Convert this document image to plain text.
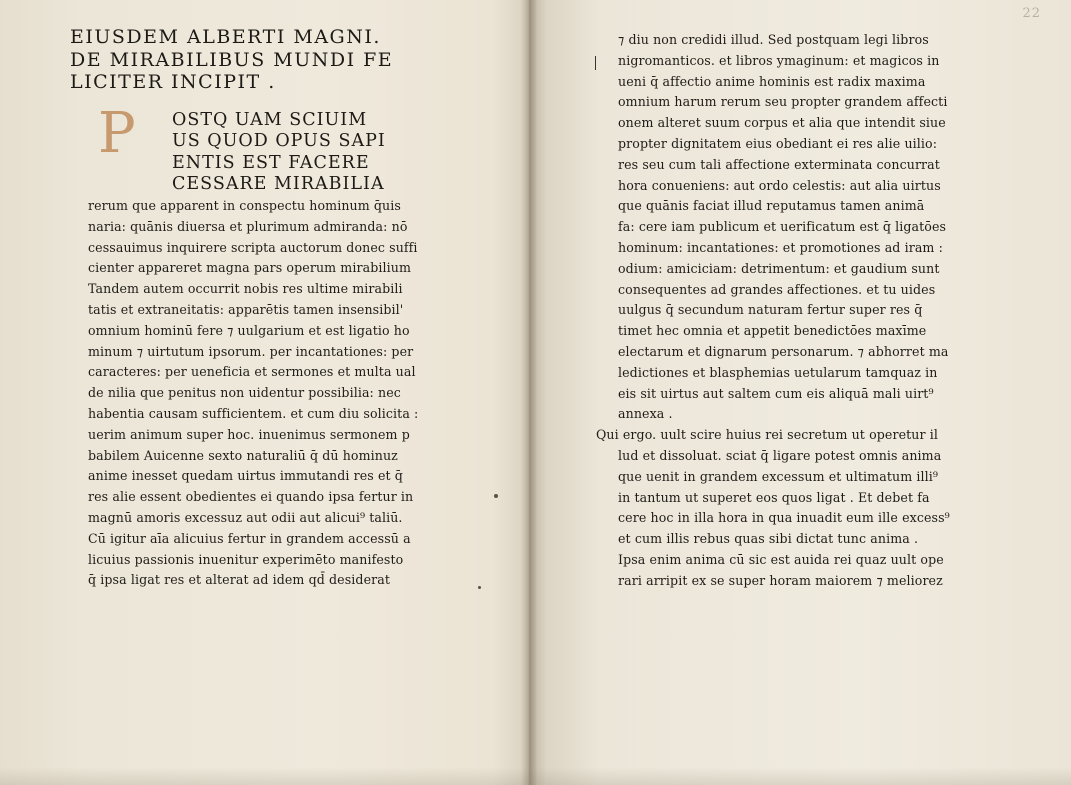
EIUSDEM ALBERTI MAGNI.
DE MIRABILIBUS MUNDI FE
LICITER INCIPIT .
P OSTQ UAM SCIUIM
US QUOD OPUS SAPI
ENTIS EST FACERE
CESSARE MIRABILIA
rerum que apparent in conspectu hominum q̄uis
naria: quānis diuersa et plurimum admiranda: nō
cessauimus inquirere scripta auctorum donec suffi
cienter appareret magna pars operum mirabilium
Tandem autem occurrit nobis res ultime mirabili
tatis et extraneitatis: apparētis tamen insensibil'
omnium hominū fere ⁊ uulgarium et est ligatio ho
minum ⁊ uirtutum ipsorum. per incantationes: per
caracteres: per ueneficia et sermones et multa ual
de nilia que penitus non uidentur possibilia: nec
habentia causam sufficientem. et cum diu solicita :
uerim animum super hoc. inuenimus sermonem p
babilem Auicenne sexto naturaliū q̄ dū hominuz
anime inesset quedam uirtus immutandi res et q̄
res alie essent obedientes ei quando ipsa fertur in
magnū amoris excessuz aut odii aut alicui⁹ taliū.
Cū igitur aīa alicuius fertur in grandem accessū a
licuius passionis inuenitur experimēto manifesto
q̄ ipsa ligat res et alterat ad idem qd̄ desiderat
22
⁊ diu non credidi illud. Sed postquam legi libros
nigromanticos. et libros ymaginum: et magicos in
ueni q̄ affectio anime hominis est radix maxima
omnium harum rerum seu propter grandem affecti
onem alteret suum corpus et alia que intendit siue
propter dignitatem eius obediant ei res alie uilio:
res seu cum tali affectione exterminata concurrat
hora conueniens: aut ordo celestis: aut alia uirtus
que quānis faciat illud reputamus tamen animā
fa: cere iam publicum et uerificatum est q̄ ligatōes
hominum: incantationes: et promotiones ad iram :
odium: amiciciam: detrimentum: et gaudium sunt
consequentes ad grandes affectiones. et tu uides
uulgus q̄ secundum naturam fertur super res q̄
timet hec omnia et appetit benedictōes maxīme
electarum et dignarum personarum. ⁊ abhorret ma
ledictiones et blasphemias uetularum tamquaz in
eis sit uirtus aut saltem cum eis aliquā mali uirt⁹
annexa .
Qui ergo. uult scire huius rei secretum ut operetur il
lud et dissoluat. sciat q̄ ligare potest omnis anima
que uenit in grandem excessum et ultimatum illi⁹
in tantum ut superet eos quos ligat . Et debet fa
cere hoc in illa hora in qua inuadit eum ille excess⁹
et cum illis rebus quas sibi dictat tunc anima .
Ipsa enim anima cū sic est auida rei quaz uult ope
rari arripit ex se super horam maiorem ⁊ meliorez
